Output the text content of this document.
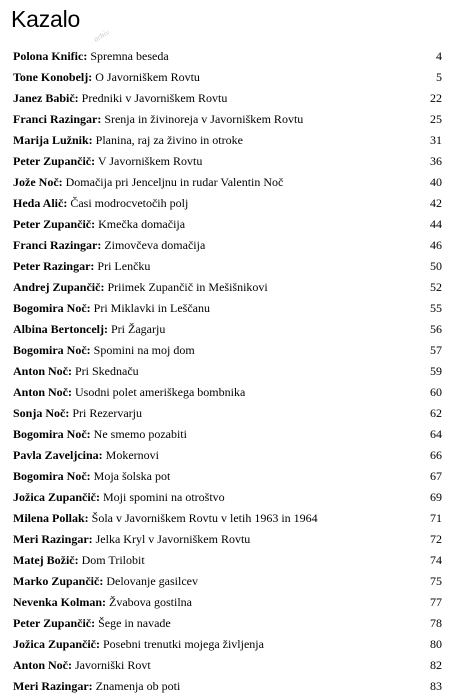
Kazalo
arhiv
Polona Knific: Spremna beseda	4
Tone Konobelj: O Javorniškem Rovtu	5
Janez Babič: Predniki v Javorniškem Rovtu	22
Franci Razingar: Srenja in živinoreja v Javorniškem Rovtu	25
Marija Lužnik: Planina, raj za živino in otroke	31
Peter Zupančič: V Javorniškem Rovtu	36
Jože Noč: Domačija pri Jenceljnu in rudar Valentin Noč	40
Heda Alič: Časi modrocvetočih polj	42
Peter Zupančič: Kmečka domačija	44
Franci Razingar: Zimovčeva domačija	46
Peter Razingar: Pri Lenčku	50
Andrej Zupančič: Priimek Zupančič in Mešišnikovi	52
Bogomira Noč: Pri Miklavki in Leščanu	55
Albina Bertoncelj: Pri Žagarju	56
Bogomira Noč: Spomini na moj dom	57
Anton Noč: Pri Skednaču	59
Anton Noč: Usodni polet ameriškega bombnika	60
Sonja Noč: Pri Rezervarju	62
Bogomira Noč: Ne smemo pozabiti	64
Pavla Zaveljcina: Mokernovi	66
Bogomira Noč: Moja šolska pot	67
Jožica Zupančič: Moji spomini na otroštvo	69
Milena Pollak: Šola v Javorniškem Rovtu v letih 1963 in 1964	71
Meri Razingar: Jelka Kryl v Javorniškem Rovtu	72
Matej Božič: Dom Trilobit	74
Marko Zupančič: Delovanje gasilcev	75
Nevenka Kolman: Žvabova gostilna	77
Peter Zupančič: Šege in navade	78
Jožica Zupančič: Posebni trenutki mojega življenja	80
Anton Noč: Javorniški Rovt	82
Meri Razingar: Znamenja ob poti	83
